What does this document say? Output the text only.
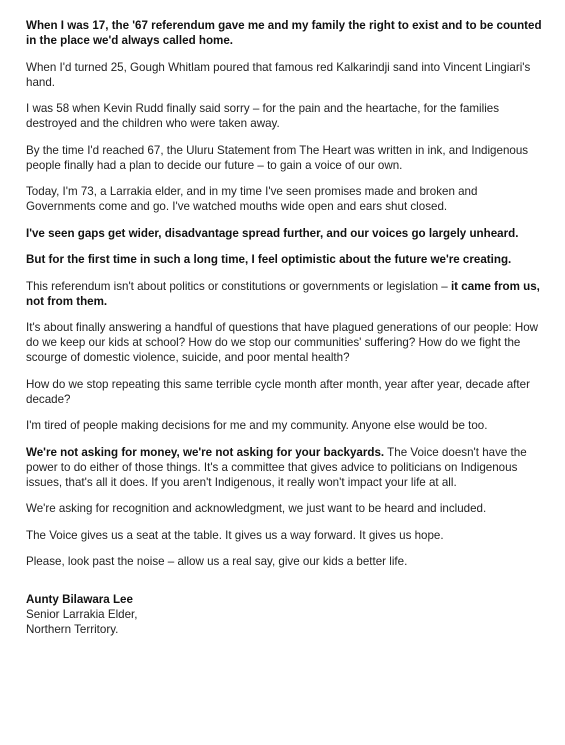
When I was 17, the '67 referendum gave me and my family the right to exist and to be counted in the place we'd always called home.

When I'd turned 25, Gough Whitlam poured that famous red Kalkarindji sand into Vincent Lingiari's hand.

I was 58 when Kevin Rudd finally said sorry – for the pain and the heartache, for the families destroyed and the children who were taken away.

By the time I'd reached 67, the Uluru Statement from The Heart was written in ink, and Indigenous people finally had a plan to decide our future – to gain a voice of our own.

Today, I'm 73, a Larrakia elder, and in my time I've seen promises made and broken and Governments come and go. I've watched mouths wide open and ears shut closed.

I've seen gaps get wider, disadvantage spread further, and our voices go largely unheard.

But for the first time in such a long time, I feel optimistic about the future we're creating.

This referendum isn't about politics or constitutions or governments or legislation – it came from us, not from them.

It's about finally answering a handful of questions that have plagued generations of our people: How do we keep our kids at school? How do we stop our communities' suffering? How do we fight the scourge of domestic violence, suicide, and poor mental health?

How do we stop repeating this same terrible cycle month after month, year after year, decade after decade?

I'm tired of people making decisions for me and my community. Anyone else would be too.

We're not asking for money, we're not asking for your backyards. The Voice doesn't have the power to do either of those things. It's a committee that gives advice to politicians on Indigenous issues, that's all it does. If you aren't Indigenous, it really won't impact your life at all.

We're asking for recognition and acknowledgment, we just want to be heard and included.

The Voice gives us a seat at the table. It gives us a way forward. It gives us hope.

Please, look past the noise – allow us a real say, give our kids a better life.

Aunty Bilawara Lee
Senior Larrakia Elder,
Northern Territory.
